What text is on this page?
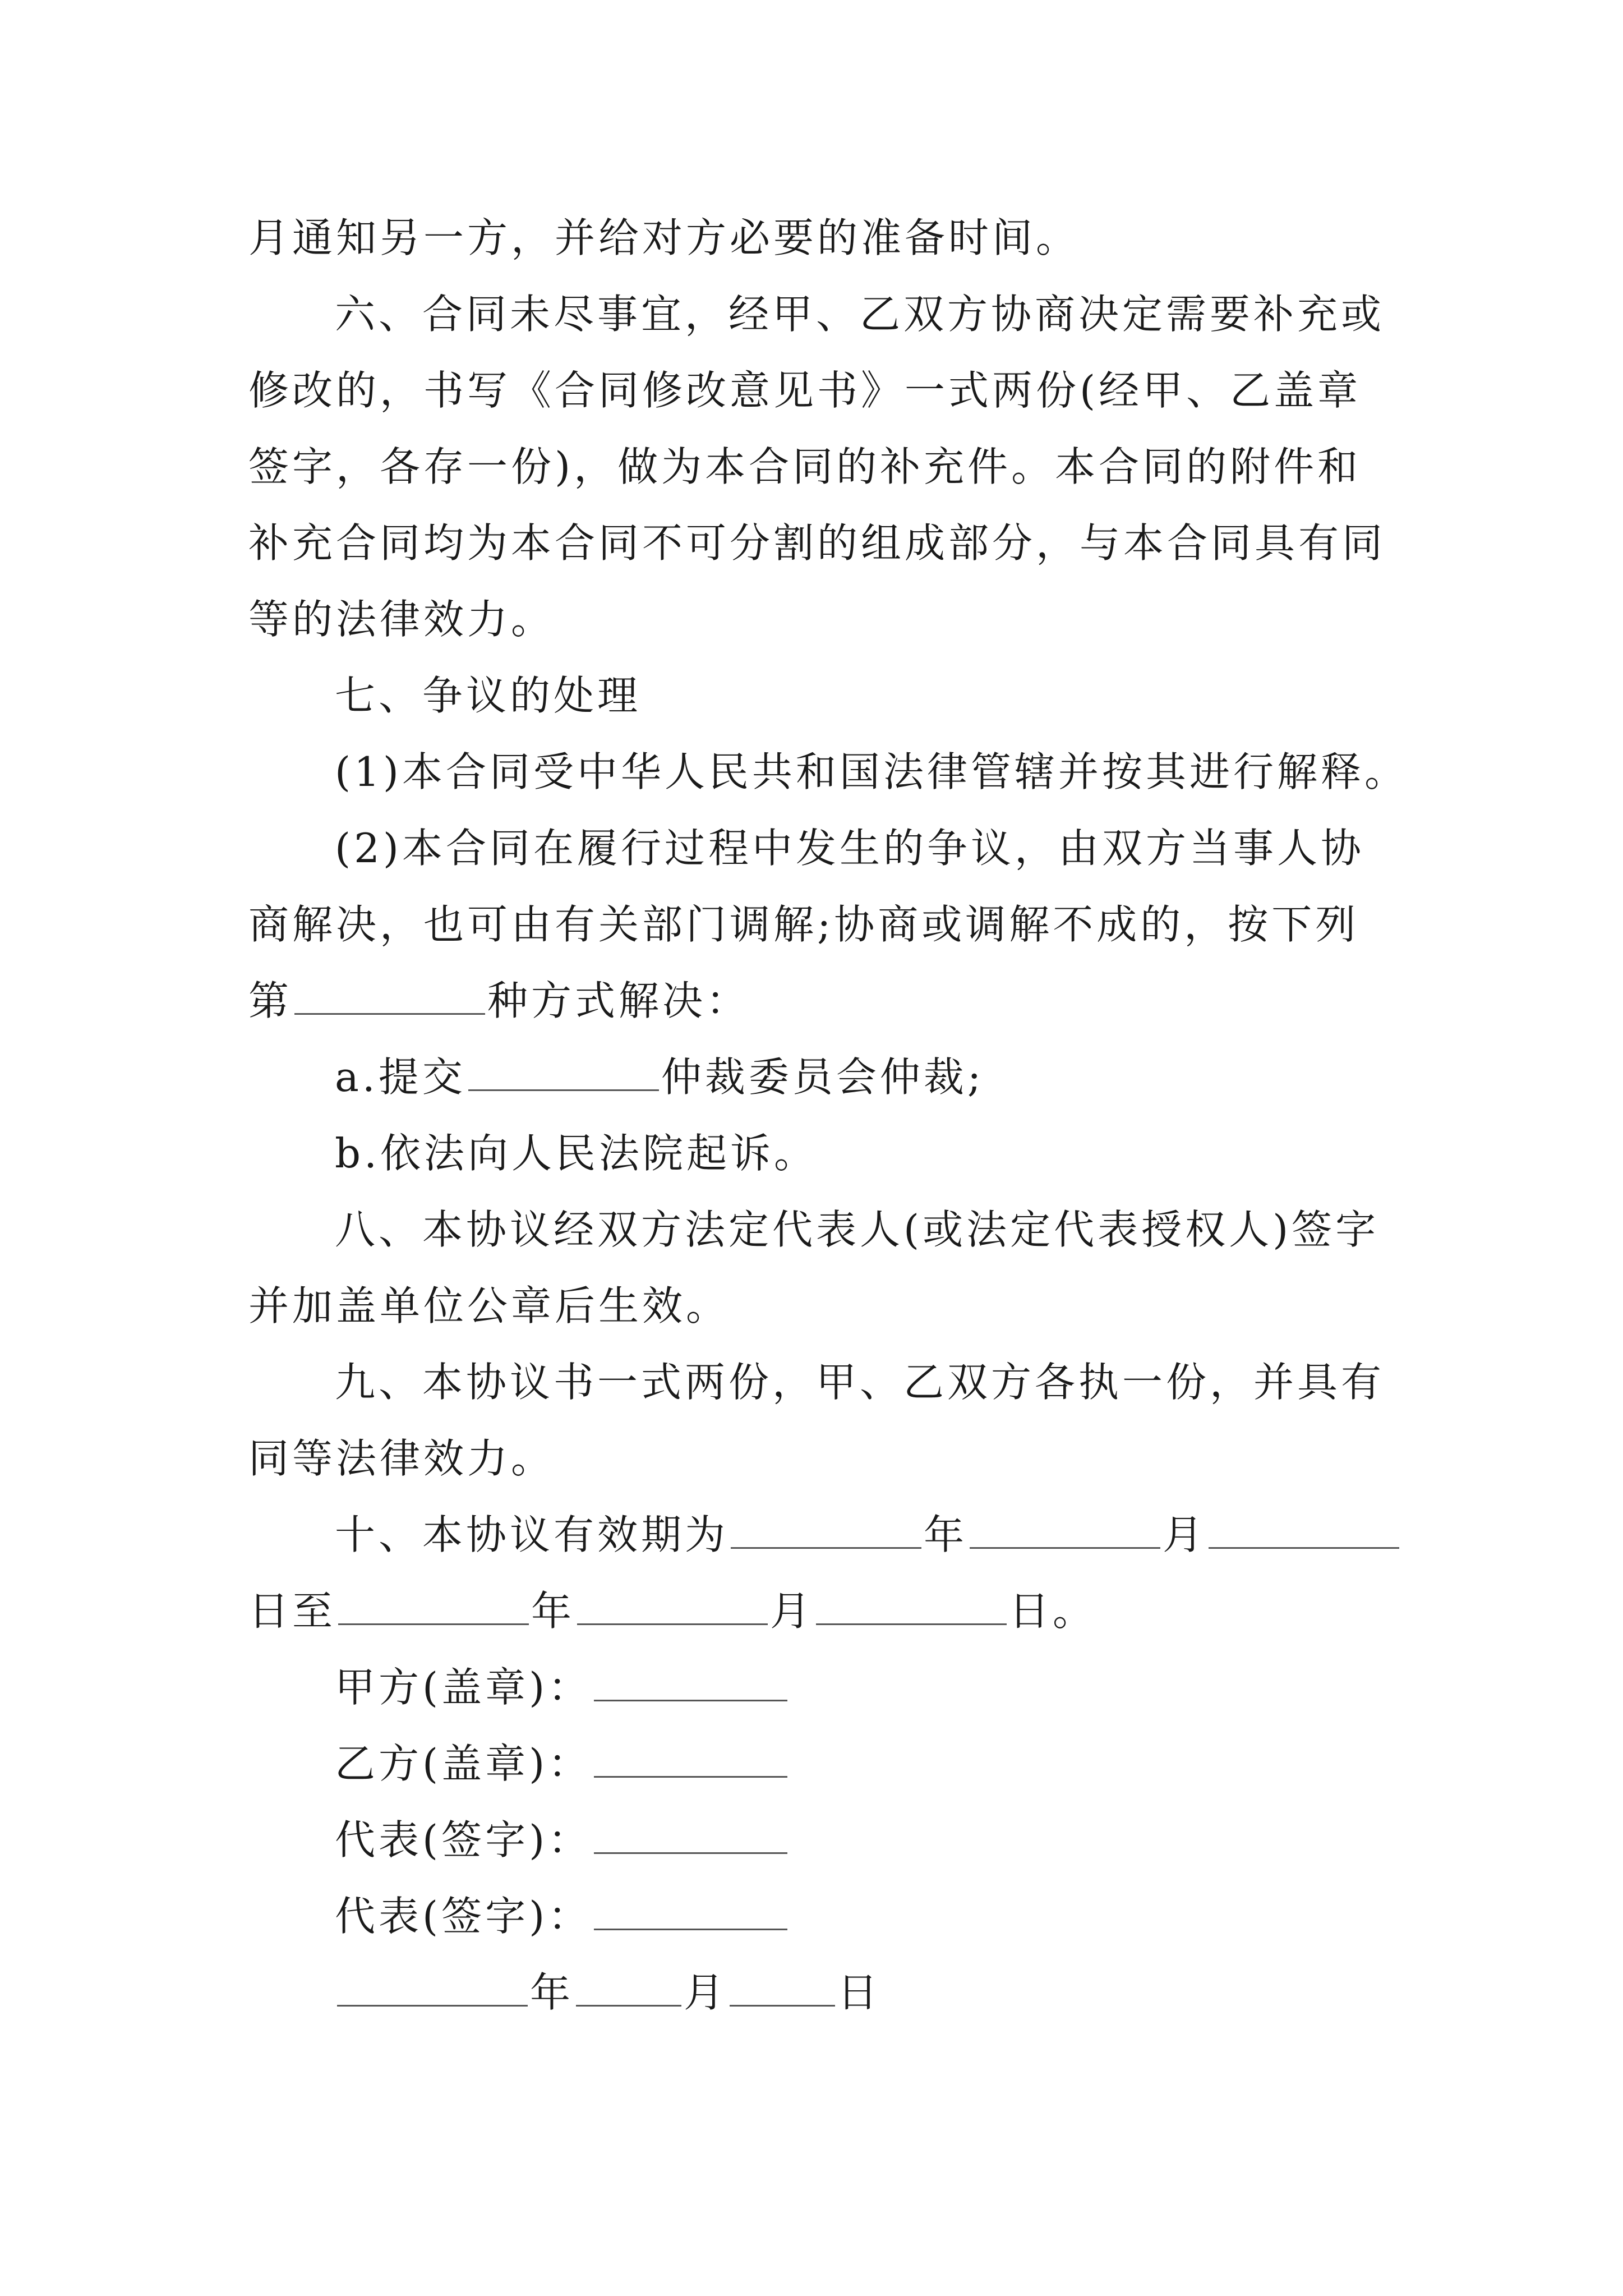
月通知另一方，并给对方必要的准备时间。
六、合同未尽事宜，经甲、乙双方协商决定需要补充或
修改的，书写《合同修改意见书》一式两份(经甲、乙盖章
签字，各存一份)，做为本合同的补充件。本合同的附件和
补充合同均为本合同不可分割的组成部分，与本合同具有同
等的法律效力。
七、争议的处理
(1)本合同受中华人民共和国法律管辖并按其进行解释。
(2)本合同在履行过程中发生的争议，由双方当事人协
商解决，也可由有关部门调解;协商或调解不成的，按下列
第	种方式解决：
a.提交	仲裁委员会仲裁;
b.依法向人民法院起诉。
八、本协议经双方法定代表人(或法定代表授权人)签字
并加盖单位公章后生效。
九、本协议书一式两份，甲、乙双方各执一份，并具有
同等法律效力。
十、本协议有效期为	年	月
日至	年	月	日。
甲方(盖章)：
乙方(盖章)：
代表(签字)：
代表(签字)：
年	月	日
